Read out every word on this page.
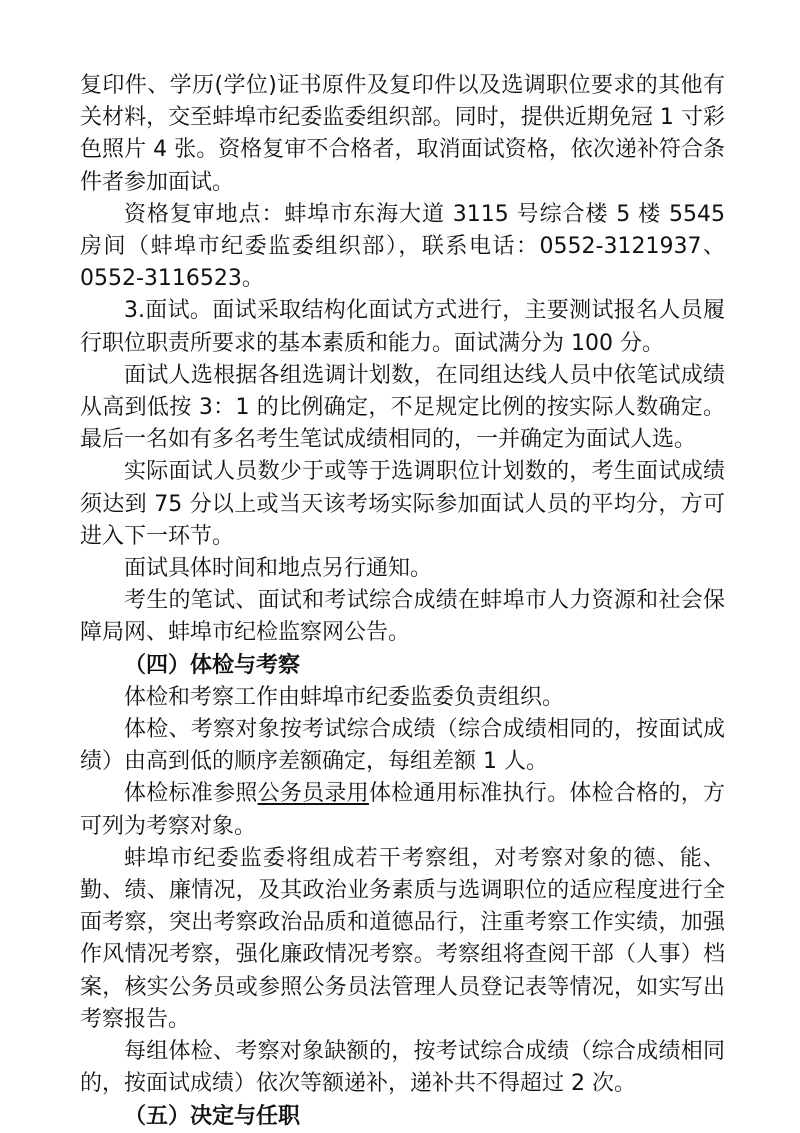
复印件、学历(学位)证书原件及复印件以及选调职位要求的其他有关材料，交至蚌埠市纪委监委组织部。同时，提供近期免冠 1 寸彩色照片 4 张。资格复审不合格者，取消面试资格，依次递补符合条件者参加面试。

资格复审地点：蚌埠市东海大道 3115 号综合楼 5 楼 5545 房间（蚌埠市纪委监委组织部），联系电话：0552-3121937、0552-3116523。

3.面试。面试采取结构化面试方式进行，主要测试报名人员履行职位职责所要求的基本素质和能力。面试满分为 100 分。

面试人选根据各组选调计划数，在同组达线人员中依笔试成绩从高到低按 3：1 的比例确定，不足规定比例的按实际人数确定。最后一名如有多名考生笔试成绩相同的，一并确定为面试人选。

实际面试人员数少于或等于选调职位计划数的，考生面试成绩须达到 75 分以上或当天该考场实际参加面试人员的平均分，方可进入下一环节。

面试具体时间和地点另行通知。

考生的笔试、面试和考试综合成绩在蚌埠市人力资源和社会保障局网、蚌埠市纪检监察网公告。

（四）体检与考察

体检和考察工作由蚌埠市纪委监委负责组织。

体检、考察对象按考试综合成绩（综合成绩相同的，按面试成绩）由高到低的顺序差额确定，每组差额 1 人。

体检标准参照公务员录用体检通用标准执行。体检合格的，方可列为考察对象。

蚌埠市纪委监委将组成若干考察组，对考察对象的德、能、勤、绩、廉情况，及其政治业务素质与选调职位的适应程度进行全面考察，突出考察政治品质和道德品行，注重考察工作实绩，加强作风情况考察，强化廉政情况考察。考察组将查阅干部（人事）档案，核实公务员或参照公务员法管理人员登记表等情况，如实写出考察报告。

每组体检、考察对象缺额的，按考试综合成绩（综合成绩相同的，按面试成绩）依次等额递补，递补共不得超过 2 次。

（五）决定与任职
